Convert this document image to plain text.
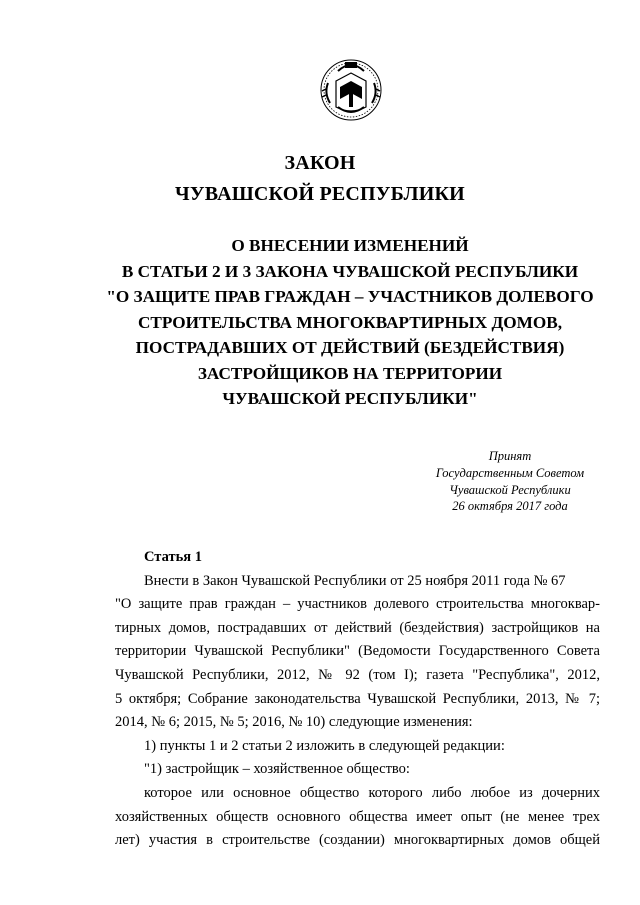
ЗАКОН
ЧУВАШСКОЙ РЕСПУБЛИКИ
О ВНЕСЕНИИ ИЗМЕНЕНИЙ
В СТАТЬИ 2 И 3 ЗАКОНА ЧУВАШСКОЙ РЕСПУБЛИКИ
"О ЗАЩИТЕ ПРАВ ГРАЖДАН – УЧАСТНИКОВ ДОЛЕВОГО
СТРОИТЕЛЬСТВА МНОГОКВАРТИРНЫХ ДОМОВ,
ПОСТРАДАВШИХ ОТ ДЕЙСТВИЙ (БЕЗДЕЙСТВИЯ)
ЗАСТРОЙЩИКОВ НА ТЕРРИТОРИИ
ЧУВАШСКОЙ РЕСПУБЛИКИ"
Принят
Государственным Советом
Чувашской Республики
26 октября 2017 года
Статья 1
Внести в Закон Чувашской Республики от 25 ноября 2011 года № 67
"О защите прав граждан – участников долевого строительства многоквар-
тирных домов, пострадавших от действий (бездействия) застройщиков на
территории Чувашской Республики" (Ведомости Государственного Совета
Чувашской Республики, 2012, № 92 (том I); газета "Республика", 2012,
5 октября; Собрание законодательства Чувашской Республики, 2013, № 7;
2014, № 6; 2015, № 5; 2016, № 10) следующие изменения:
1) пункты 1 и 2 статьи 2 изложить в следующей редакции:
"1) застройщик – хозяйственное общество:
которое или основное общество которого либо любое из дочерних
хозяйственных обществ основного общества имеет опыт (не менее трех
лет) участия в строительстве (создании) многоквартирных домов общей
